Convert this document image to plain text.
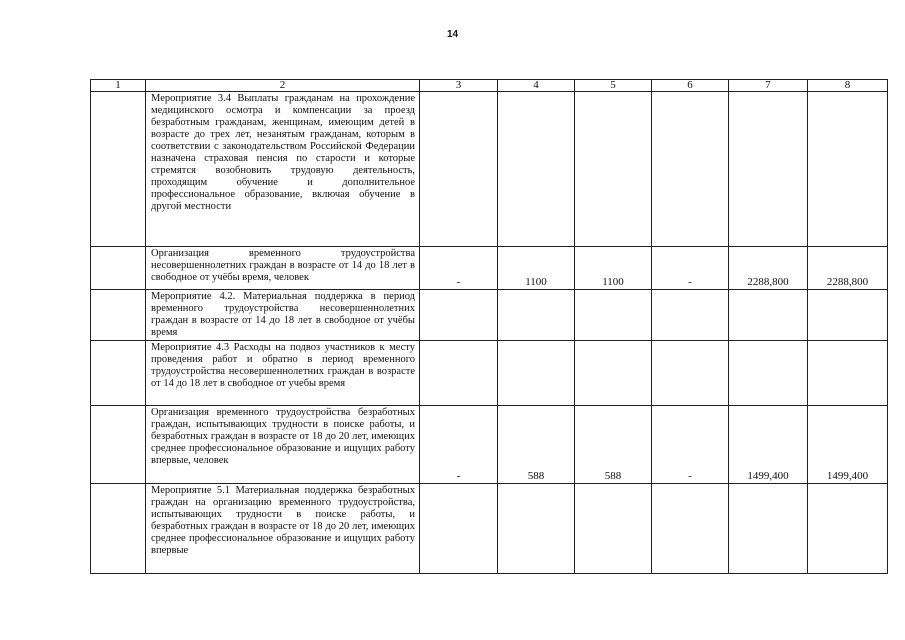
14
1	2	3	4	5	6	7	8
	Мероприятие 3.4 Выплаты гражданам на прохождение медицинского осмотра и компенсации за проезд безработным гражданам, женщинам, имеющим детей в возрасте до трех лет, незанятым гражданам, которым в соответствии с законодательством Российской Федерации назначена страховая пенсия по старости и которые стремятся возобновить трудовую деятельность, проходящим обучение и дополнительное профессиональное образование, включая обучение в другой местности						
	Организация временного трудоустройства несовершеннолетних граждан в возрасте от 14 до 18 лет в свободное от учёбы время, человек	-	1100	1100	-	2288,800	2288,800
	Мероприятие 4.2. Материальная поддержка в период временного трудоустройства несовершеннолетних граждан в возрасте от 14 до 18 лет в свободное от учёбы время						
	Мероприятие 4.3 Расходы на подвоз участников к месту проведения работ и обратно в период временного трудоустройства несовершеннолетних граждан в возрасте от 14 до 18 лет в свободное от учебы время						
	Организация временного трудоустройства безработных граждан, испытывающих трудности в поиске работы, и безработных граждан в возрасте от 18 до 20 лет, имеющих среднее профессиональное образование и ищущих работу впервые, человек	-	588	588	-	1499,400	1499,400
	Мероприятие 5.1 Материальная поддержка безработных граждан на организацию временного трудоустройства, испытывающих трудности в поиске работы, и безработных граждан в возрасте от 18 до 20 лет, имеющих среднее профессиональное образование и ищущих работу впервые						
